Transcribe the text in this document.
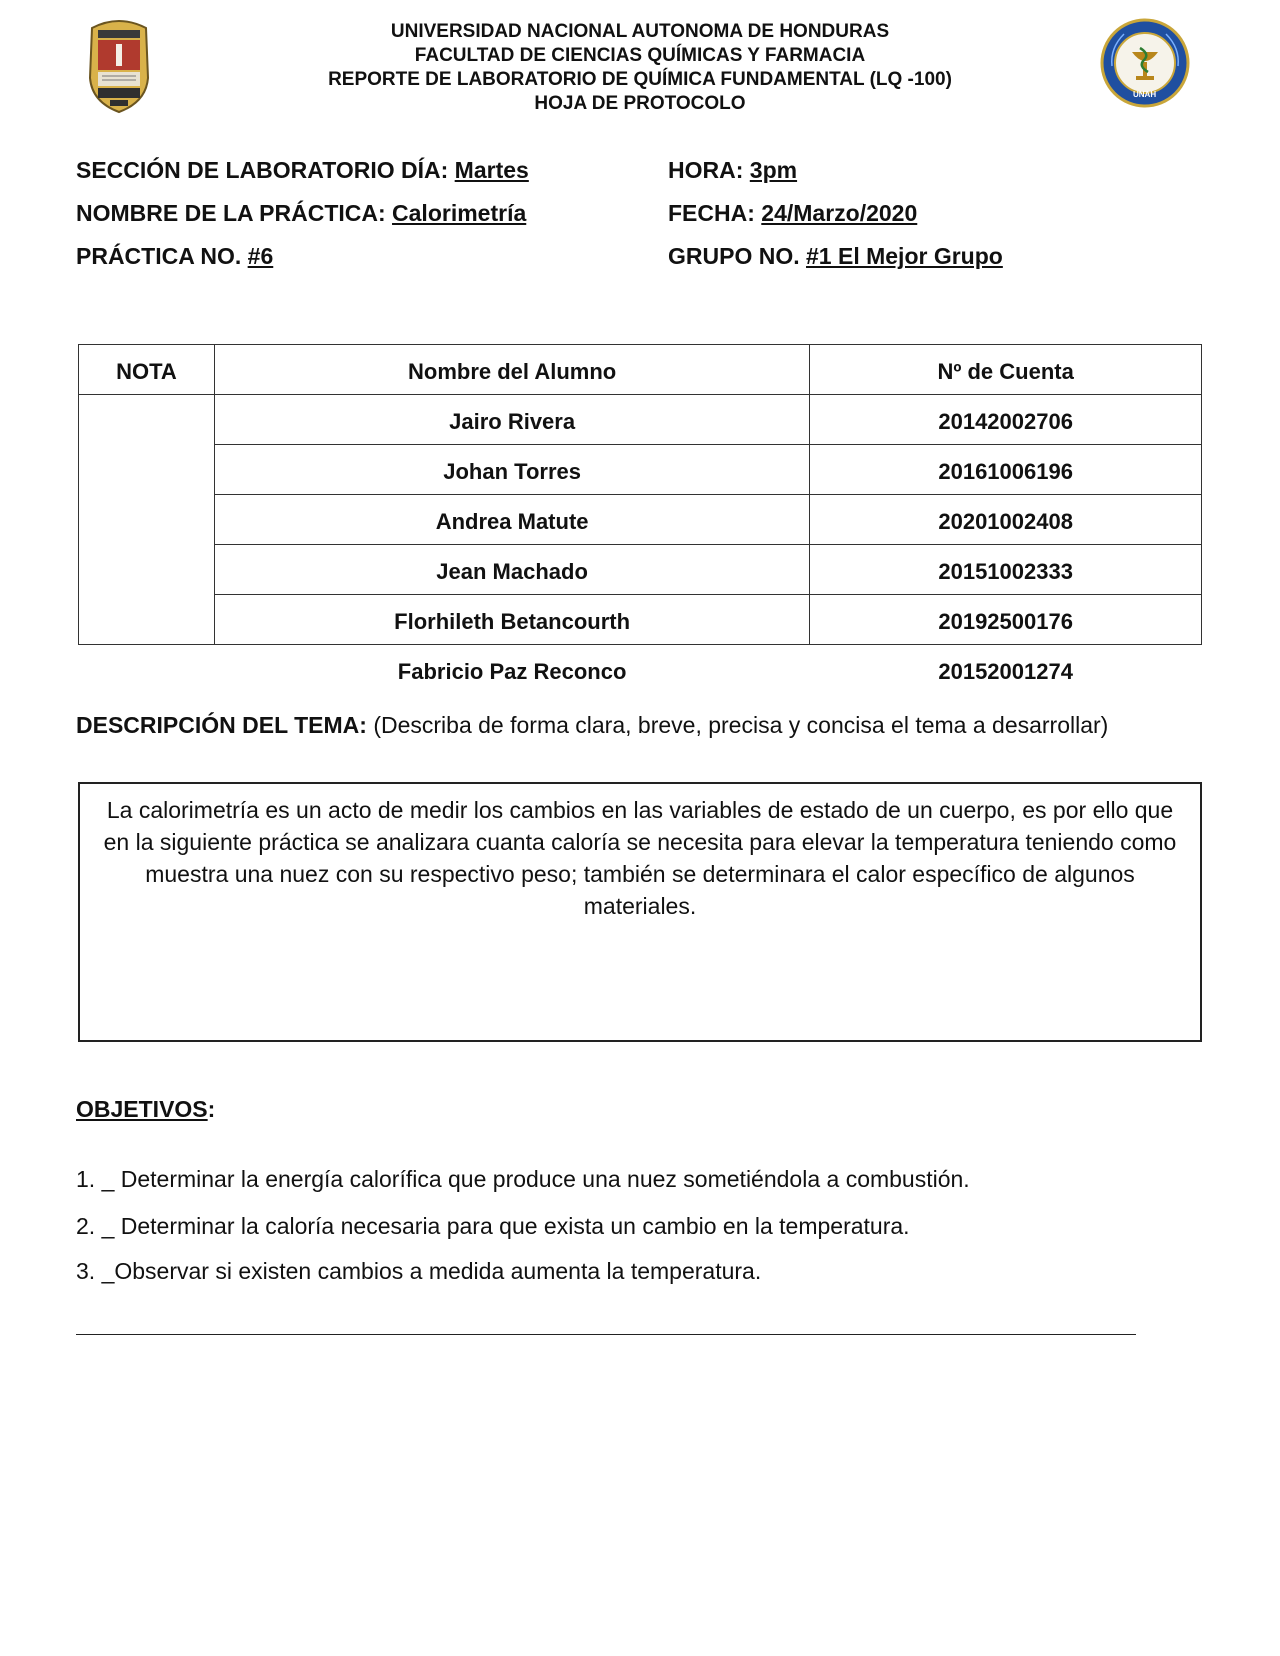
UNAH
UNIVERSIDAD NACIONAL AUTONOMA DE HONDURAS
FACULTAD DE CIENCIAS QUÍMICAS Y FARMACIA
REPORTE DE LABORATORIO DE QUÍMICA FUNDAMENTAL (LQ -100)
HOJA DE PROTOCOLO
SECCIÓN DE LABORATORIO DÍA: Martes	HORA: 3pm
NOMBRE DE LA PRÁCTICA: Calorimetría	FECHA: 24/Marzo/2020
PRÁCTICA NO. #6	GRUPO NO. #1 El Mejor Grupo
NOTA	Nombre del Alumno	Nº de Cuenta
	Jairo Rivera	20142002706
	Johan Torres	20161006196
	Andrea Matute	20201002408
	Jean Machado	20151002333
	Florhileth Betancourth	20192500176
	Fabricio Paz Reconco	20152001274
DESCRIPCIÓN DEL TEMA: (Describa de forma clara, breve, precisa y concisa el tema a desarrollar)
La calorimetría es un acto de medir los cambios en las variables de estado de un cuerpo, es por ello que en la siguiente práctica se analizara cuanta caloría se necesita para elevar la temperatura teniendo como muestra una nuez con su respectivo peso; también se determinara el calor específico de algunos materiales.
OBJETIVOS:
1. _ Determinar la energía calorífica que produce una nuez sometiéndola a combustión.
2. _ Determinar la caloría necesaria para que exista un cambio en la temperatura.
3. _Observar si existen cambios a medida aumenta la temperatura.
